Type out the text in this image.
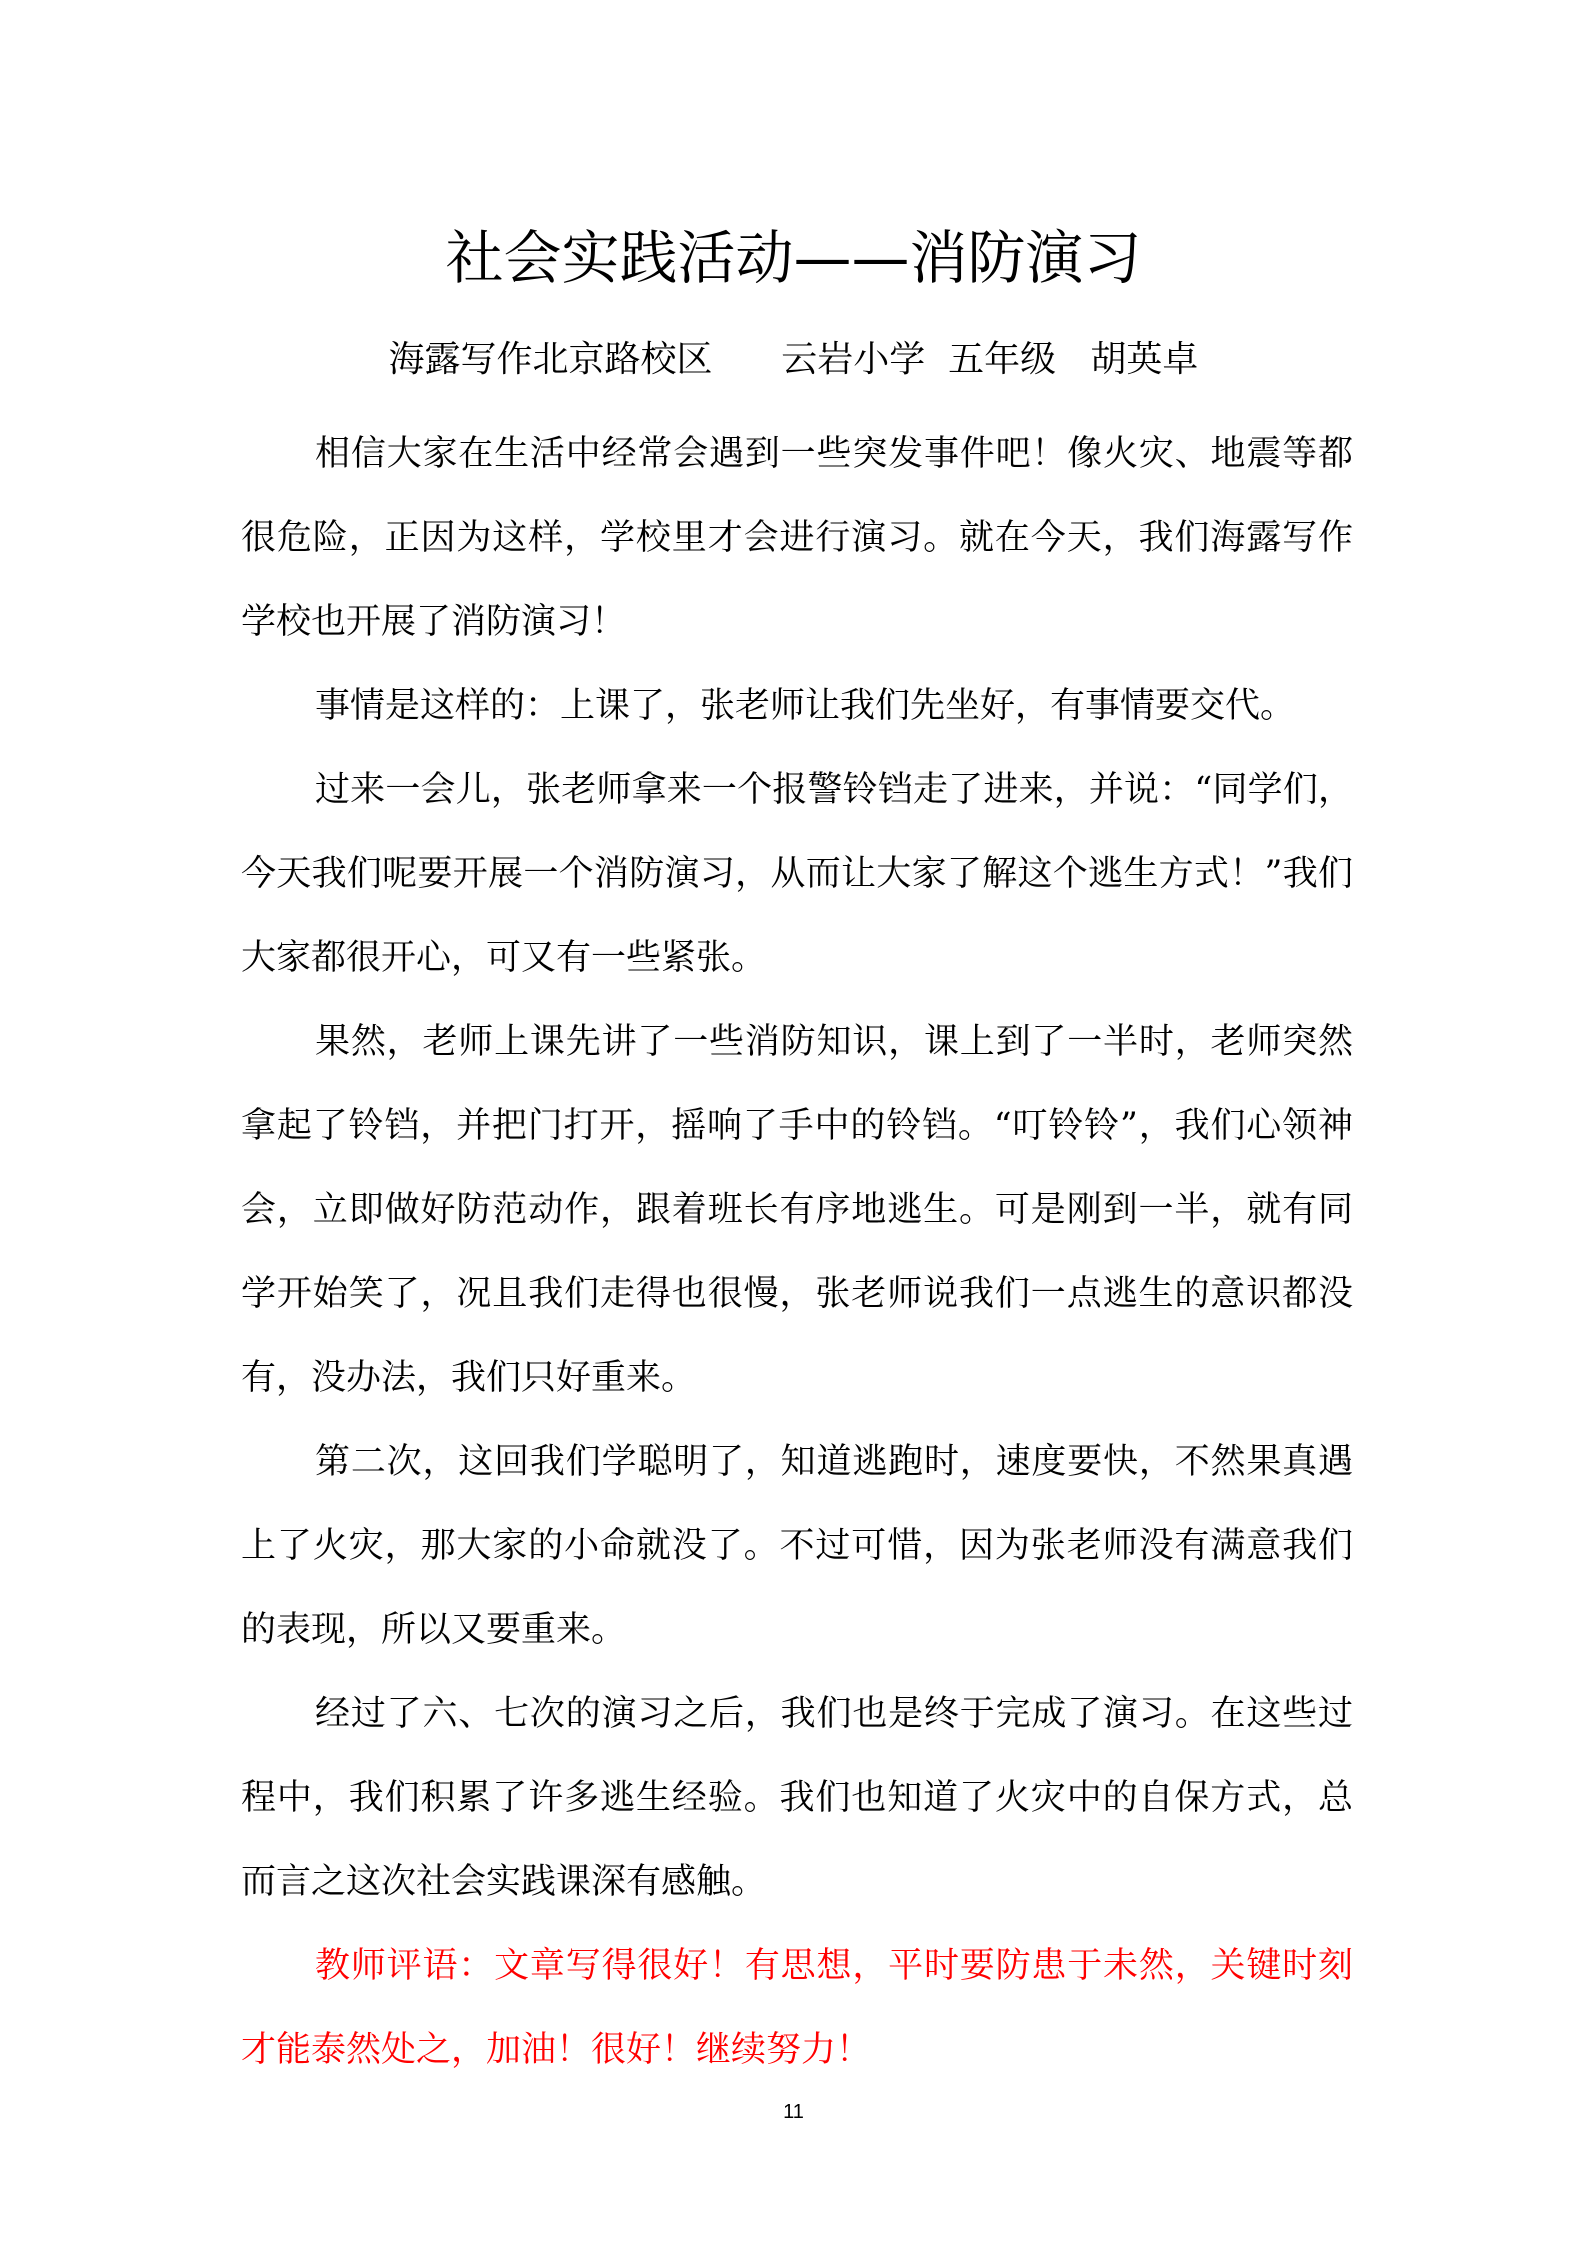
社会实践活动——消防演习
海露写作北京路校区      云岩小学  五年级   胡英卓

相信大家在生活中经常会遇到一些突发事件吧！像火灾、地震等都很危险，正因为这样，学校里才会进行演习。就在今天，我们海露写作学校也开展了消防演习！

事情是这样的：上课了，张老师让我们先坐好，有事情要交代。

过来一会儿，张老师拿来一个报警铃铛走了进来，并说：“同学们，今天我们呢要开展一个消防演习，从而让大家了解这个逃生方式！”我们大家都很开心，可又有一些紧张。

果然，老师上课先讲了一些消防知识，课上到了一半时，老师突然拿起了铃铛，并把门打开，摇响了手中的铃铛。“叮铃铃”，我们心领神会，立即做好防范动作，跟着班长有序地逃生。可是刚到一半，就有同学开始笑了，况且我们走得也很慢，张老师说我们一点逃生的意识都没有，没办法，我们只好重来。

第二次，这回我们学聪明了，知道逃跑时，速度要快，不然果真遇上了火灾，那大家的小命就没了。不过可惜，因为张老师没有满意我们的表现，所以又要重来。

经过了六、七次的演习之后，我们也是终于完成了演习。在这些过程中，我们积累了许多逃生经验。我们也知道了火灾中的自保方式，总而言之这次社会实践课深有感触。

教师评语：文章写得很好！有思想，平时要防患于未然，关键时刻才能泰然处之，加油！很好！继续努力！

11
